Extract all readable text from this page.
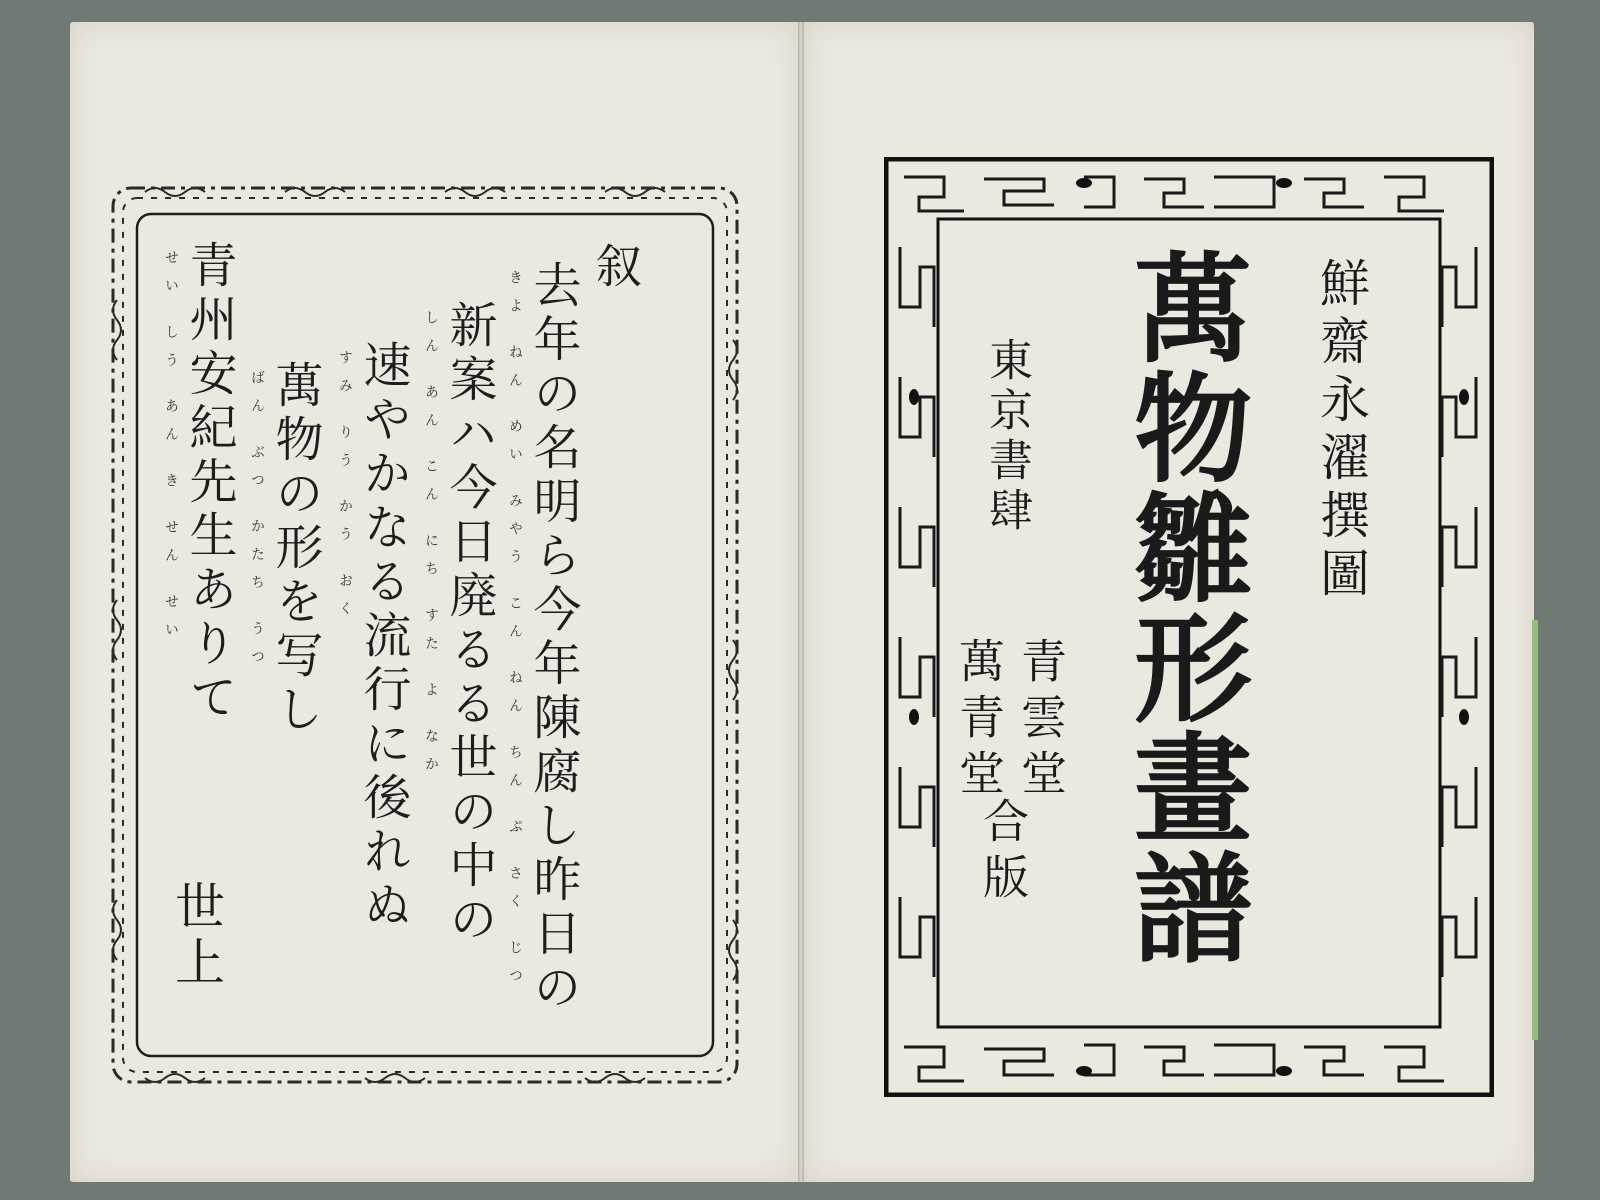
叙
去年の名明ら今年陳腐し昨日の
きよ ねん めい みやう こん ねん ちん ぷ さく じつ
新案ハ今日廃るる世の中の
しん あん こん にち すた よ なか
速やかなる流行に後れぬ
すみ りう かう おく
萬物の形を写し
ばん ぶつ かたち うつ
青州安紀先生ありて
せい しう あん き せん せい
世上
鮮齋永濯撰圖
萬物雛形畫譜
東京書肆
青雲堂
萬青堂
合版
